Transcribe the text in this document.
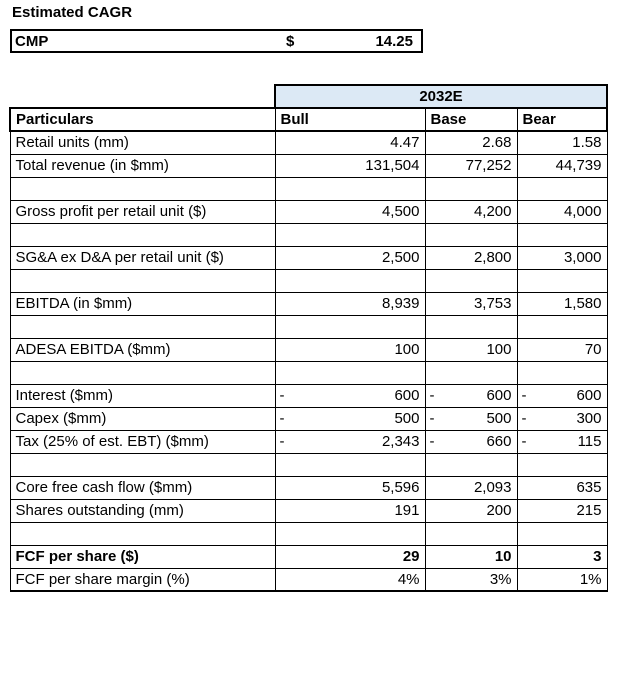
Estimated CAGR
CMP	$	14.25
	2032E		
Particulars	Bull	Base	Bear
Retail units (mm)	4.47	2.68	1.58
Total revenue (in $mm)	131,504	77,252	44,739

Gross profit per retail unit ($)	4,500	4,200	4,000

SG&A ex D&A per retail unit ($)	2,500	2,800	3,000

EBITDA (in $mm)	8,939	3,753	1,580

ADESA EBITDA ($mm)	100	100	70

Interest ($mm)	- 600	- 600	- 600
Capex ($mm)	- 500	- 500	- 300
Tax (25% of est. EBT) ($mm)	- 2,343	- 660	- 115

Core free cash flow ($mm)	5,596	2,093	635
Shares outstanding (mm)	191	200	215

FCF per share ($)	29	10	3
FCF per share margin (%)	4%	3%	1%
